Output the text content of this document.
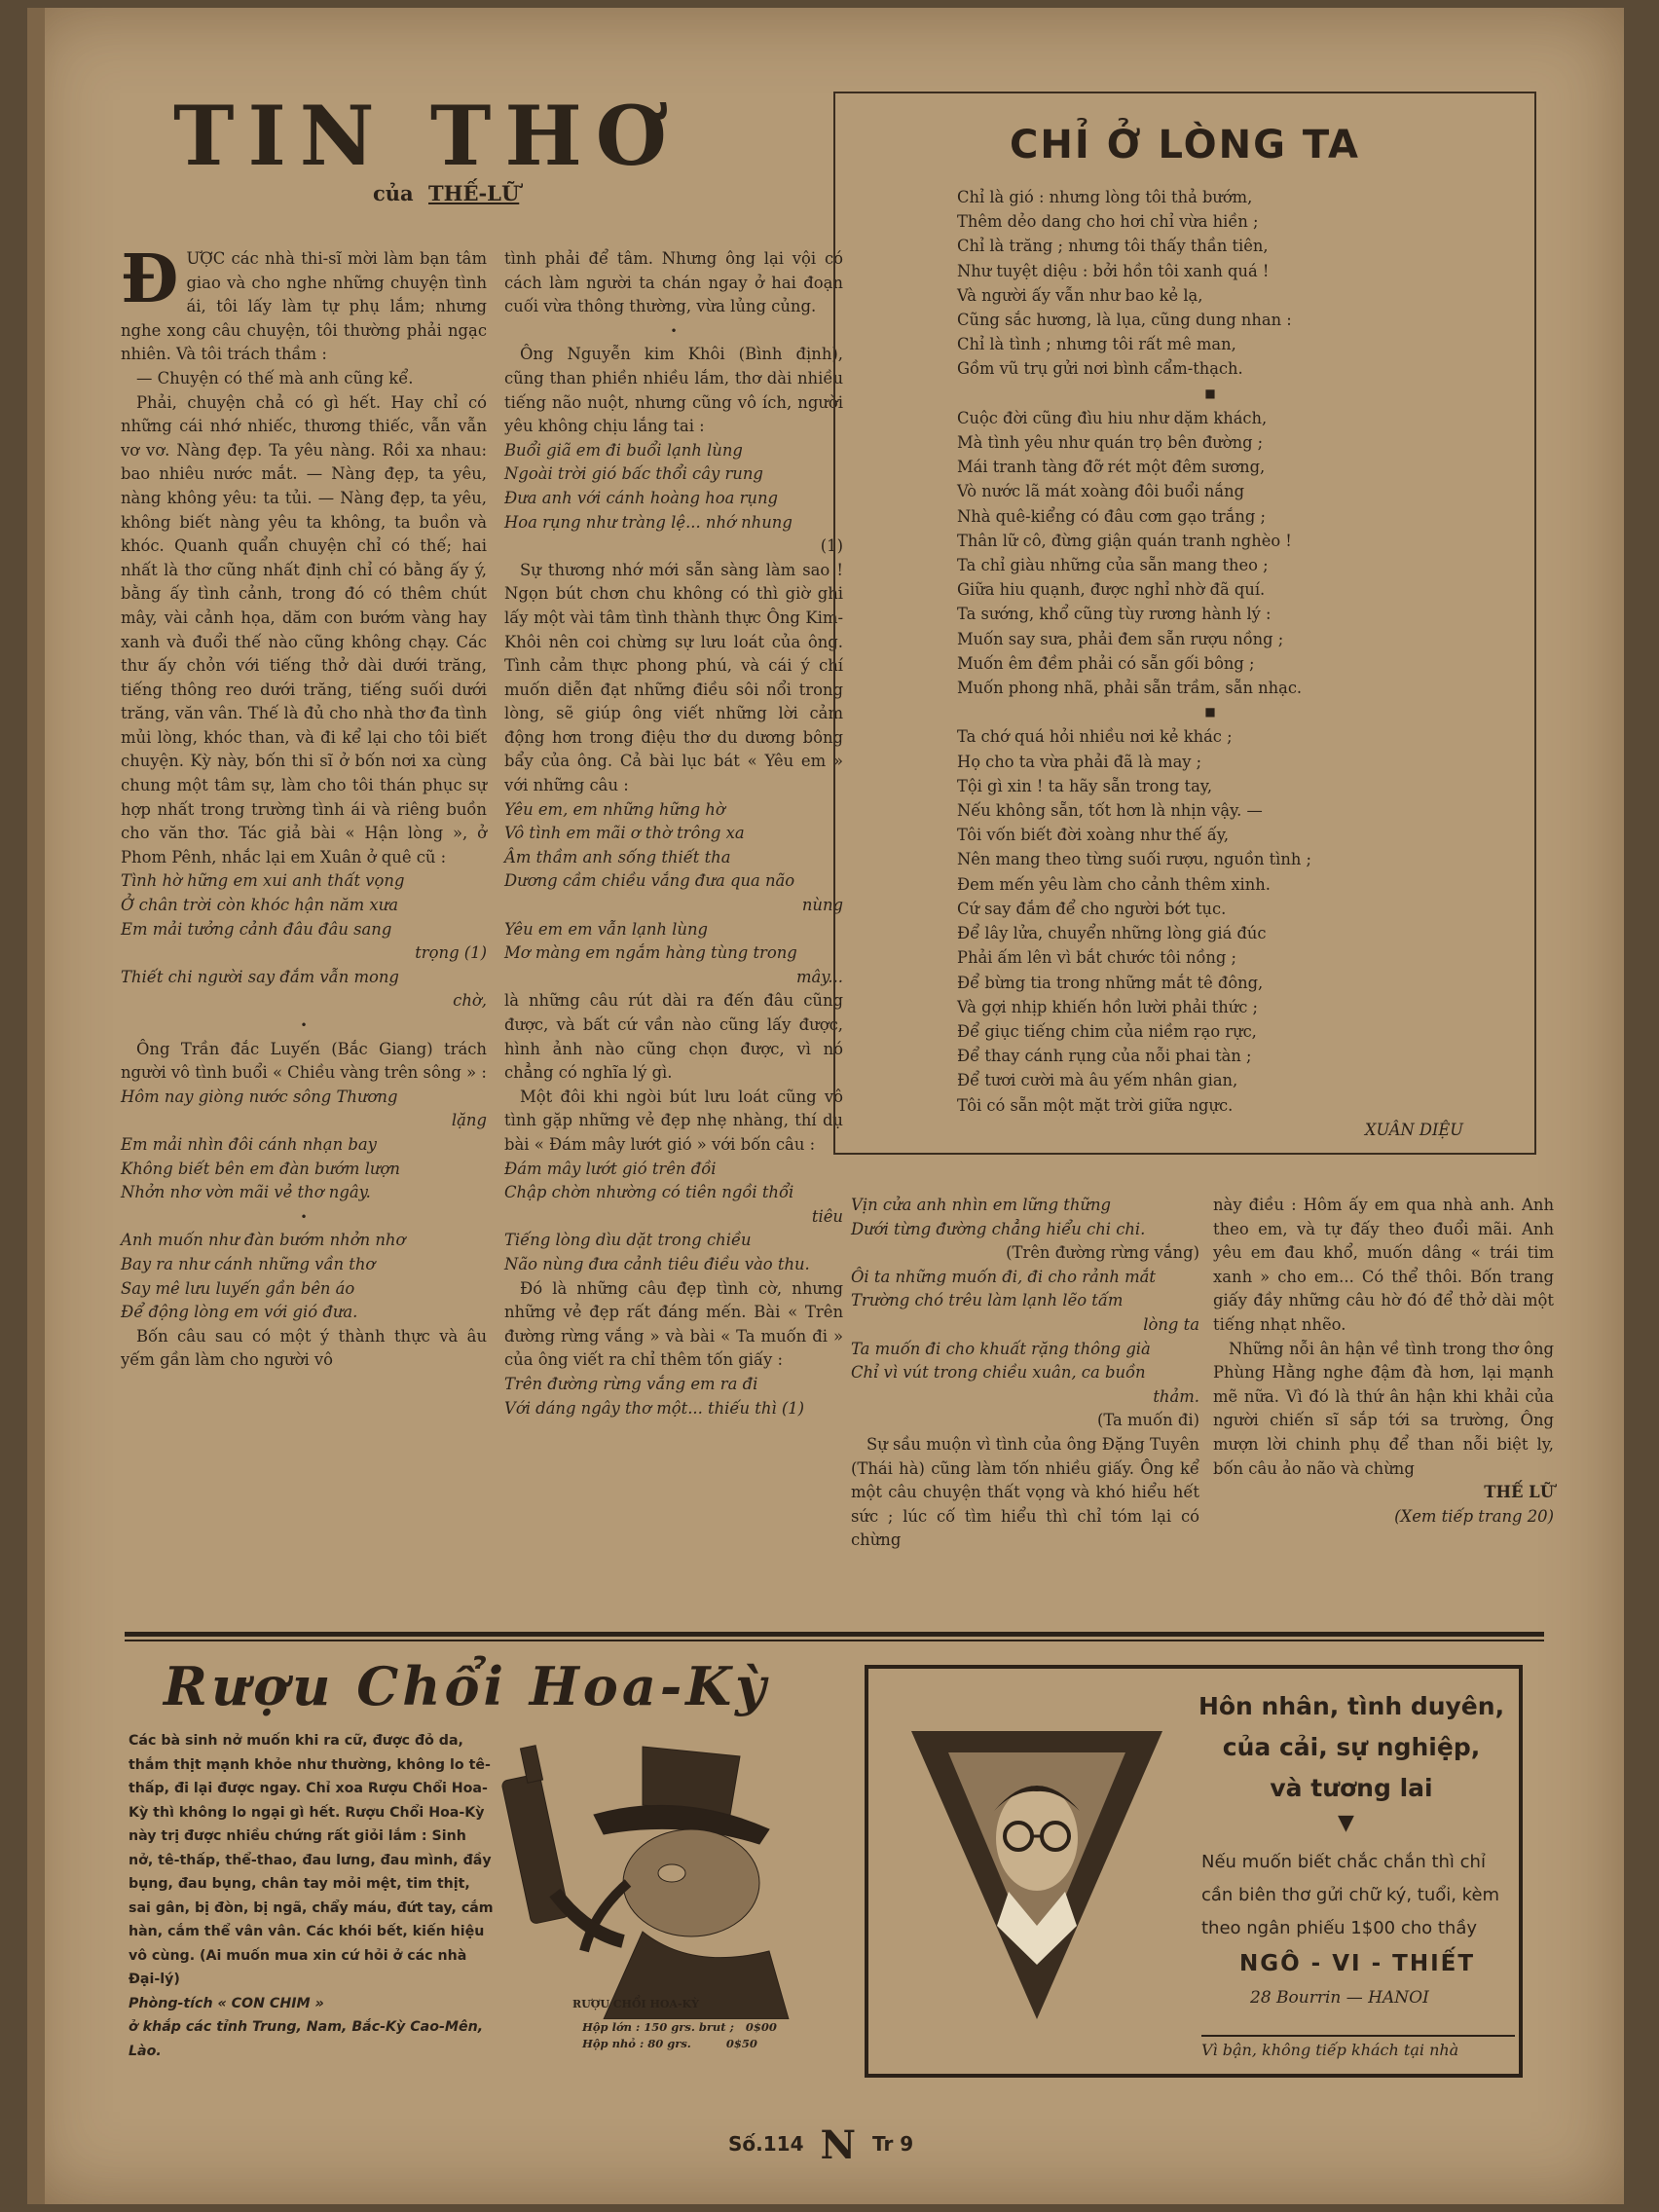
TIN THƠ
của THẾ-LỮ
Đ ƯỢC các nhà thi-sĩ mời làm bạn tâm giao và cho nghe những chuyện tình ái, tôi lấy làm tự phụ lắm; nhưng nghe xong câu chuyện, tôi thường phải ngạc nhiên. Và tôi trách thầm :

— Chuyện có thế mà anh cũng kể.

Phải, chuyện chả có gì hết. Hay chỉ có những cái nhớ nhiếc, thương thiếc, vẫn vẫn vơ vơ. Nàng đẹp. Ta yêu nàng. Rồi xa nhau: bao nhiêu nước mắt. — Nàng đẹp, ta yêu, nàng không yêu: ta tủi. — Nàng đẹp, ta yêu, không biết nàng yêu ta không, ta buồn và khóc. Quanh quẩn chuyện chỉ có thế; hai nhất là thơ cũng nhất định chỉ có bằng ấy ý, bằng ấy tình cảnh, trong đó có thêm chút mây, vài cảnh họa, dăm con bướm vàng hay xanh và đuổi thế nào cũng không chạy. Các thư ấy chỏn với tiếng thở dài dưới trăng, tiếng thông reo dưới trăng, tiếng suối dưới trăng, văn vân. Thế là đủ cho nhà thơ đa tình mủi lòng, khóc than, và đi kể lại cho tôi biết chuyện. Kỳ này, bốn thi sĩ ở bốn nơi xa cùng chung một tâm sự, làm cho tôi thán phục sự hợp nhất trong trường tình ái và riêng buồn cho văn thơ. Tác giả bài « Hận lòng », ở Phom Pênh, nhắc lại em Xuân ở quê cũ :

Tình hờ hững em xui anh thất vọng

Ở chân trời còn khóc hận năm xưa

Em mải tưởng cảnh đâu đâu sang

trọng (1)

Thiết chi người say đắm vẫn mong

chờ,

•

Ông Trần đắc Luyến (Bắc Giang) trách người vô tình buổi « Chiều vàng trên sông » :

Hôm nay giòng nước sông Thương

lặng

Em mải nhìn đôi cánh nhạn bay

Không biết bên em đàn bướm lượn

Nhởn nhơ vờn mãi vẻ thơ ngây.

•

Anh muốn như đàn bướm nhởn nhơ

Bay ra như cánh những vần thơ

Say mê lưu luyến gần bên áo

Để động lòng em với gió đưa.

Bốn câu sau có một ý thành thực và âu yếm gần làm cho người vô

tình phải để tâm. Nhưng ông lại vội có cách làm người ta chán ngay ở hai đoạn cuối vừa thông thường, vừa lủng củng.

•

Ông Nguyễn kim Khôi (Bình định), cũng than phiền nhiều lắm, thơ dài nhiều tiếng não nuột, nhưng cũng vô ích, người yêu không chịu lắng tai :

Buổi giã em đi buổi lạnh lùng

Ngoài trời gió bấc thổi cây rung

Đưa anh với cánh hoàng hoa rụng

Hoa rụng như tràng lệ... nhớ nhung

(1)

Sự thương nhớ mới sẵn sàng làm sao ! Ngọn bút chơn chu không có thì giờ ghi lấy một vài tâm tình thành thực Ông Kim-Khôi nên coi chừng sự lưu loát của ông. Tình cảm thực phong phú, và cái ý chí muốn diễn đạt những điều sôi nổi trong lòng, sẽ giúp ông viết những lời cảm động hơn trong điệu thơ du dương bông bẩy của ông. Cả bài lục bát « Yêu em » với những câu :

Yêu em, em những hững hờ

Vô tình em mãi ơ thờ trông xa

Âm thầm anh sống thiết tha

Dương cầm chiều vắng đưa qua não

nùng

Yêu em em vẫn lạnh lùng

Mơ màng em ngắm hàng tùng trong

mây...

là những câu rút dài ra đến đâu cũng được, và bất cứ vần nào cũng lấy được, hình ảnh nào cũng chọn được, vì nó chẳng có nghĩa lý gì.

Một đôi khi ngòi bút lưu loát cũng vô tình gặp những vẻ đẹp nhẹ nhàng, thí dụ bài « Đám mây lướt gió » với bốn câu :

Đám mây lướt gió trên đồi

Chập chờn nhường có tiên ngồi thổi

tiêu

Tiếng lòng dìu dặt trong chiều

Não nùng đưa cảnh tiêu điều vào thu.

Đó là những câu đẹp tình cờ, nhưng những vẻ đẹp rất đáng mến. Bài « Trên đường rừng vắng » và bài « Ta muốn đi » của ông viết ra chỉ thêm tốn giấy :

Trên đường rừng vắng em ra đi

Với dáng ngây thơ một... thiếu thì (1)

Vịn cửa anh nhìn em lững thững

Dưới từng đường chẳng hiểu chi chi.

(Trên đường rừng vắng)

Ôi ta những muốn đi, đi cho rảnh mắt

Trường chó trêu làm lạnh lẽo tấm

lòng ta

Ta muốn đi cho khuất rặng thông già

Chỉ vì vút trong chiều xuân, ca buồn

thảm.

(Ta muốn đi)

Sự sầu muộn vì tình của ông Đặng Tuyên (Thái hà) cũng làm tốn nhiều giấy. Ông kể một câu chuyện thất vọng và khó hiểu hết sức ; lúc cố tìm hiểu thì chỉ tóm lại có chừng

này điều : Hôm ấy em qua nhà anh. Anh theo em, và tự đấy theo đuổi mãi. Anh yêu em đau khổ, muốn dâng « trái tim xanh » cho em... Có thể thôi. Bốn trang giấy đầy những câu hờ đó để thở dài một tiếng nhạt nhẽo.

Những nỗi ân hận về tình trong thơ ông Phùng Hằng nghe đậm đà hơn, lại mạnh mẽ nữa. Vì đó là thứ ân hận khi khải của người chiến sĩ sắp tới sa trường, Ông mượn lời chinh phụ để than nỗi biệt ly, bốn câu ảo não và chừng

THẾ LỮ

(Xem tiếp trang 20)

CHỈ Ở LÒNG TA
Chỉ là gió : nhưng lòng tôi thả bướm,
Thêm dẻo dang cho hơi chỉ vừa hiền ;
Chỉ là trăng ; nhưng tôi thấy thần tiên,
Như tuyệt diệu : bởi hồn tôi xanh quá !
Và người ấy vẫn như bao kẻ lạ,
Cũng sắc hương, là lụa, cũng dung nhan :
Chỉ là tình ; nhưng tôi rất mê man,
Gồm vũ trụ gửi nơi bình cẩm-thạch.
■
Cuộc đời cũng đìu hiu như dặm khách,
Mà tình yêu như quán trọ bên đường ;
Mái tranh tàng đỡ rét một đêm sương,
Vò nước lã mát xoàng đôi buổi nắng
Nhà quê-kiểng có đâu cơm gạo trắng ;
Thân lữ cô, đừng giận quán tranh nghèo !
Ta chỉ giàu những của sẵn mang theo ;
Giữa hiu quạnh, được nghỉ nhờ đã quí.
Ta sướng, khổ cũng tùy rương hành lý :
Muốn say sưa, phải đem sẵn rượu nồng ;
Muốn êm đềm phải có sẵn gối bông ;
Muốn phong nhã, phải sẵn trầm, sẵn nhạc.
■
Ta chớ quá hỏi nhiều nơi kẻ khác ;
Họ cho ta vừa phải đã là may ;
Tội gì xin ! ta hãy sẵn trong tay,
Nếu không sẵn, tốt hơn là nhịn vậy. —
Tôi vốn biết đời xoàng như thế ấy,
Nên mang theo từng suối rượu, nguồn tình ;
Đem mến yêu làm cho cảnh thêm xinh.
Cứ say đắm để cho người bớt tục.
Để lây lửa, chuyển những lòng giá đúc
Phải ấm lên vì bắt chước tôi nồng ;
Để bừng tia trong những mắt tê đông,
Và gợi nhịp khiến hồn lười phải thức ;
Để giục tiếng chim của niềm rạo rực,
Để thay cánh rụng của nỗi phai tàn ;
Để tươi cười mà âu yếm nhân gian,
Tôi có sẵn một mặt trời giữa ngực.
XUÂN DIỆU
Rượu Chổi Hoa-Kỳ
Các bà sinh nở muốn khi ra cữ, được đỏ da, thắm thịt mạnh khỏe như thường, không lo tê-thấp, đi lại được ngay. Chỉ xoa Rượu Chổi Hoa-Kỳ thì không lo ngại gì hết. Rượu Chổi Hoa-Kỳ này trị được nhiều chứng rất giỏi lắm : Sinh nở, tê-thấp, thể-thao, đau lưng, đau mình, đầy bụng, đau bụng, chân tay mỏi mệt, tim thịt, sai gân, bị đòn, bị ngã, chẩy máu, đứt tay, cắm hàn, cắm thể vân vân. Các khói bết, kiến hiệu vô cùng. (Ai muốn mua xin cứ hỏi ở các nhà Đại-lý)
Phòng-tích « CON CHIM »
ở khắp các tỉnh Trung, Nam, Bắc-Kỳ Cao-Mên, Lào.
RƯỢU CHỔI HOA-KỲ
Hộp lớn : 150 grs. brut ; 0$00
Hộp nhỏ : 80 grs.	0$50
Hôn nhân, tình duyên,
của cải, sự nghiệp,
và tương lai
▼
Nếu muốn biết chắc chắn thì chỉ cần biên thơ gửi chữ ký, tuổi, kèm theo ngân phiếu 1$00 cho thầy
NGÔ - VI - THIẾT
28 Bourrin — HANOI
Vì bận, không tiếp khách tại nhà
Số.114 N Tr 9
